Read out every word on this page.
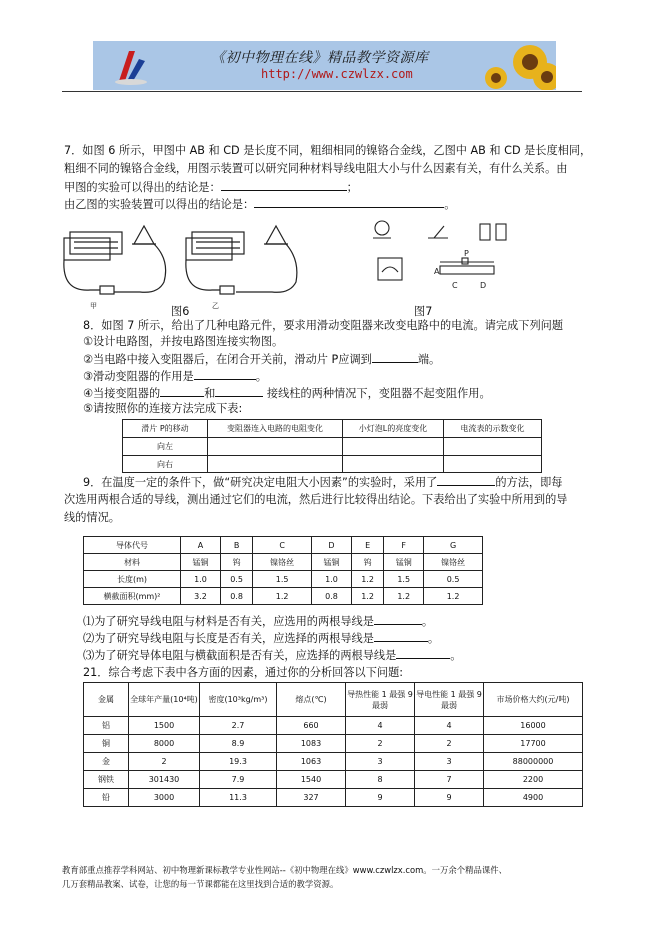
《初中物理在线》精品教学资源库
http://www.czwlzx.com
7．如图 6 所示，甲图中 AB 和 CD 是长度不同，粗细相同的镍铬合金线，乙图中 AB 和 CD 是长度相同，
粗细不同的镍铬合金线，用图示装置可以研究同种材料导线电阻大小与什么因素有关，有什么关系。由
甲图的实验可以得出的结论是：	；
由乙图的实验装置可以得出的结论是：	。
甲	乙
图6
A
C	D
P
图7
8．如图 7 所示，给出了几种电路元件，要求用滑动变阻器来改变电路中的电流。请完成下列问题
①设计电路图，并按电路图连接实物图。
②当电路中接入变阻器后，在闭合开关前，滑动片 P应调到	端。
③滑动变阻器的作用是	。
④当接变阻器的	和	接线柱的两种情况下，变阻器不起变阻作用。
⑤请按照你的连接方法完成下表:
滑片 P的移动	变阻器连入电路的电阻变化	小灯泡L的亮度变化	电流表的示数变化
向左			
向右			
9．在温度一定的条件下，做“研究决定电阻大小因素”的实验时，采用了	的方法，即每
次选用两根合适的导线，测出通过它们的电流，然后进行比较得出结论。下表给出了实验中所用到的导
线的情况。
导体代号	A	B	C	D	E	F	G
材料	锰铜	钨	镍铬丝	锰铜	钨	锰铜	镍铬丝
长度(m)	1.0	0.5	1.5	1.0	1.2	1.5	0.5
横截面积(mm)²	3.2	0.8	1.2	0.8	1.2	1.2	1.2
⑴为了研究导线电阻与材料是否有关，应选用的两根导线是	。
⑵为了研究导线电阻与长度是否有关，应选择的两根导线是	。
⑶为了研究导体电阻与横截面积是否有关，应选择的两根导线是	。
21．综合考虑下表中各方面的因素，通过你的分析回答以下问题:
金属	全球年产量(10⁴吨)	密度(10³kg/m³)	熔点(℃)	导热性能 1 最强 9 最弱	导电性能 1 最强 9 最弱	市场价格大约(元/吨)
铝	1500	2.7	660	4	4	16000
铜	8000	8.9	1083	2	2	17700
金	2	19.3	1063	3	3	88000000
钢铁	301430	7.9	1540	8	7	2200
铅	3000	11.3	327	9	9	4900
教育部重点推荐学科网站、初中物理新课标教学专业性网站--《初中物理在线》www.czwlzx.com。一万余个精品课件、
几万套精品教案、试卷，让您的每一节课都能在这里找到合适的教学资源。
